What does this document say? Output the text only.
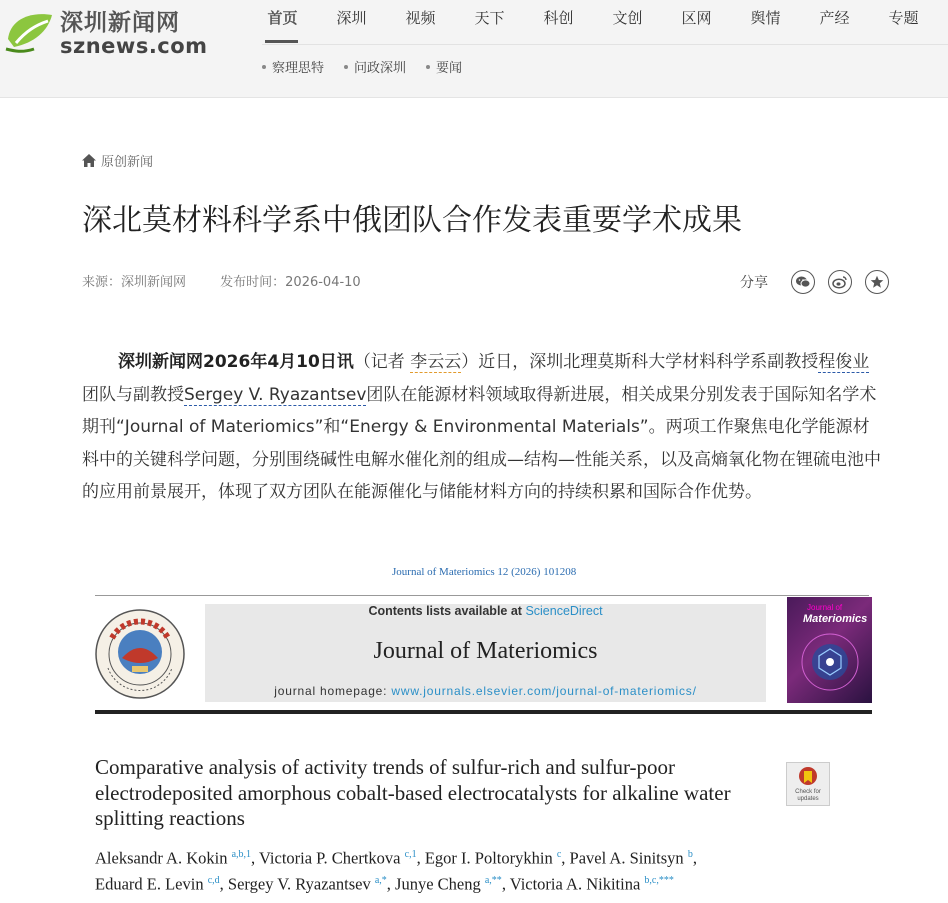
深圳新闻网
sznews.com
首页	深圳	视频	天下	科创	文创	区网	舆情	产经	专题
察理思特	问政深圳	要闻
原创新闻
深北莫材料科学系中俄团队合作发表重要学术成果
来源：深圳新闻网	发布时间：2026-04-10	分享
深圳新闻网2026年4月10日讯（记者 李云云）近日，深圳北理莫斯科大学材料科学系副教授程俊业团队与副教授Sergey V. Ryazantsev团队在能源材料领域取得新进展，相关成果分别发表于国际知名学术期刊“Journal of Materiomics”和“Energy & Environmental Materials”。两项工作聚焦电化学能源材料中的关键科学问题，分别围绕碱性电解水催化剂的组成—结构—性能关系，以及高熵氧化物在锂硫电池中的应用前景展开，体现了双方团队在能源催化与储能材料方向的持续积累和国际合作优势。
Journal of Materiomics 12 (2026) 101208
Contents lists available at ScienceDirect
Journal of Materiomics
journal homepage: www.journals.elsevier.com/journal-of-materiomics/
Journal of
Materiomics
Comparative analysis of activity trends of sulfur-rich and sulfur-poor electrodeposited amorphous cobalt-based electrocatalysts for alkaline water splitting reactions
Check for updates
Aleksandr A. Kokin $^{a,b,1}$, Victoria P. Chertkova $^{c,1}$, Egor I. Poltorykhin $^c$, Pavel A. Sinitsyn $^b$,
Eduard E. Levin $^{c,d}$, Sergey V. Ryazantsev $^{a,*}$, Junye Cheng $^{a,**}$, Victoria A. Nikitina $^{b,c,***}$
